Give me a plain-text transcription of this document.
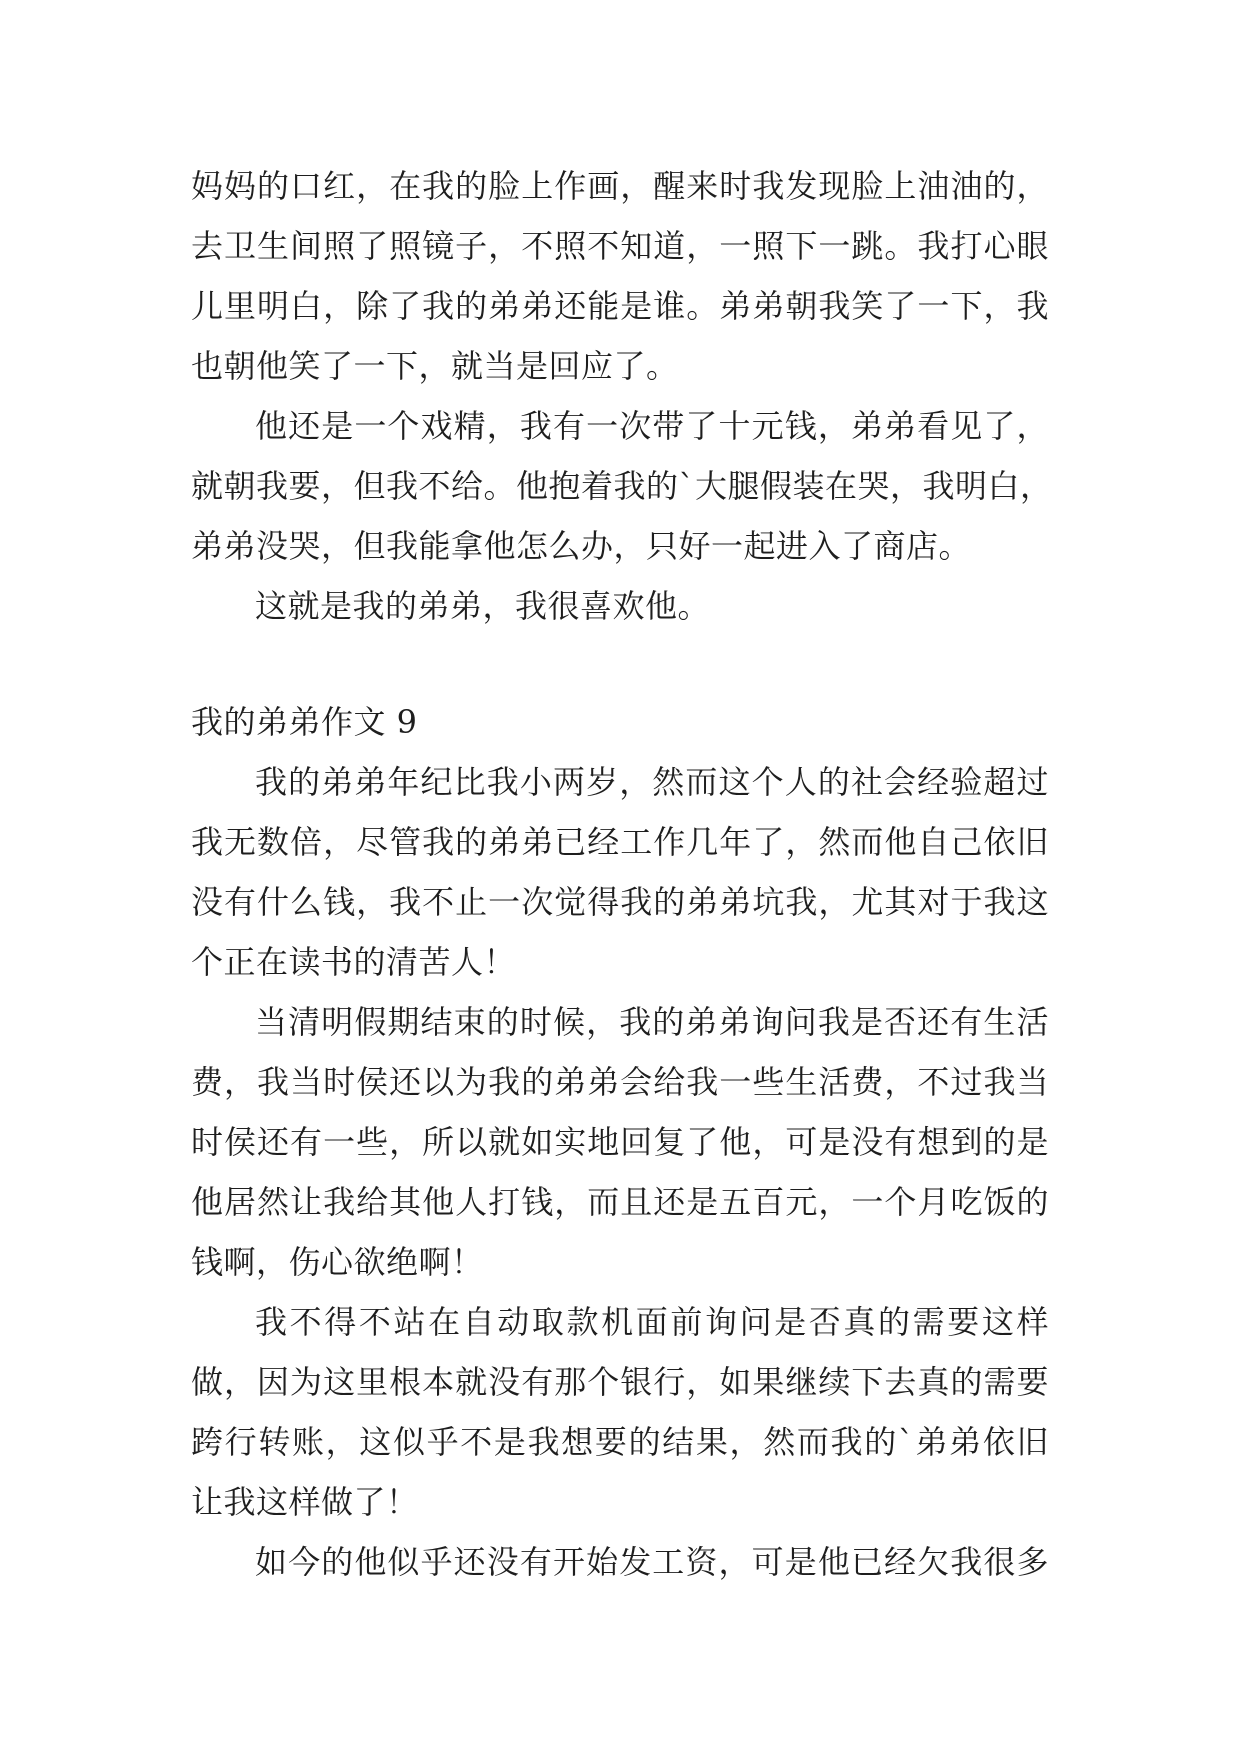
妈妈的口红，在我的脸上作画，醒来时我发现脸上油油的，
去卫生间照了照镜子，不照不知道，一照下一跳。我打心眼
儿里明白，除了我的弟弟还能是谁。弟弟朝我笑了一下，我
也朝他笑了一下，就当是回应了。
他还是一个戏精，我有一次带了十元钱，弟弟看见了，
就朝我要，但我不给。他抱着我的`大腿假装在哭，我明白，
弟弟没哭，但我能拿他怎么办，只好一起进入了商店。
这就是我的弟弟，我很喜欢他。
我的弟弟作文 9
我的弟弟年纪比我小两岁，然而这个人的社会经验超过
我无数倍，尽管我的弟弟已经工作几年了，然而他自己依旧
没有什么钱，我不止一次觉得我的弟弟坑我，尤其对于我这
个正在读书的清苦人！
当清明假期结束的时候，我的弟弟询问我是否还有生活
费，我当时侯还以为我的弟弟会给我一些生活费，不过我当
时侯还有一些，所以就如实地回复了他，可是没有想到的是
他居然让我给其他人打钱，而且还是五百元，一个月吃饭的
钱啊，伤心欲绝啊！
我不得不站在自动取款机面前询问是否真的需要这样
做，因为这里根本就没有那个银行，如果继续下去真的需要
跨行转账，这似乎不是我想要的结果，然而我的`弟弟依旧
让我这样做了！
如今的他似乎还没有开始发工资，可是他已经欠我很多
